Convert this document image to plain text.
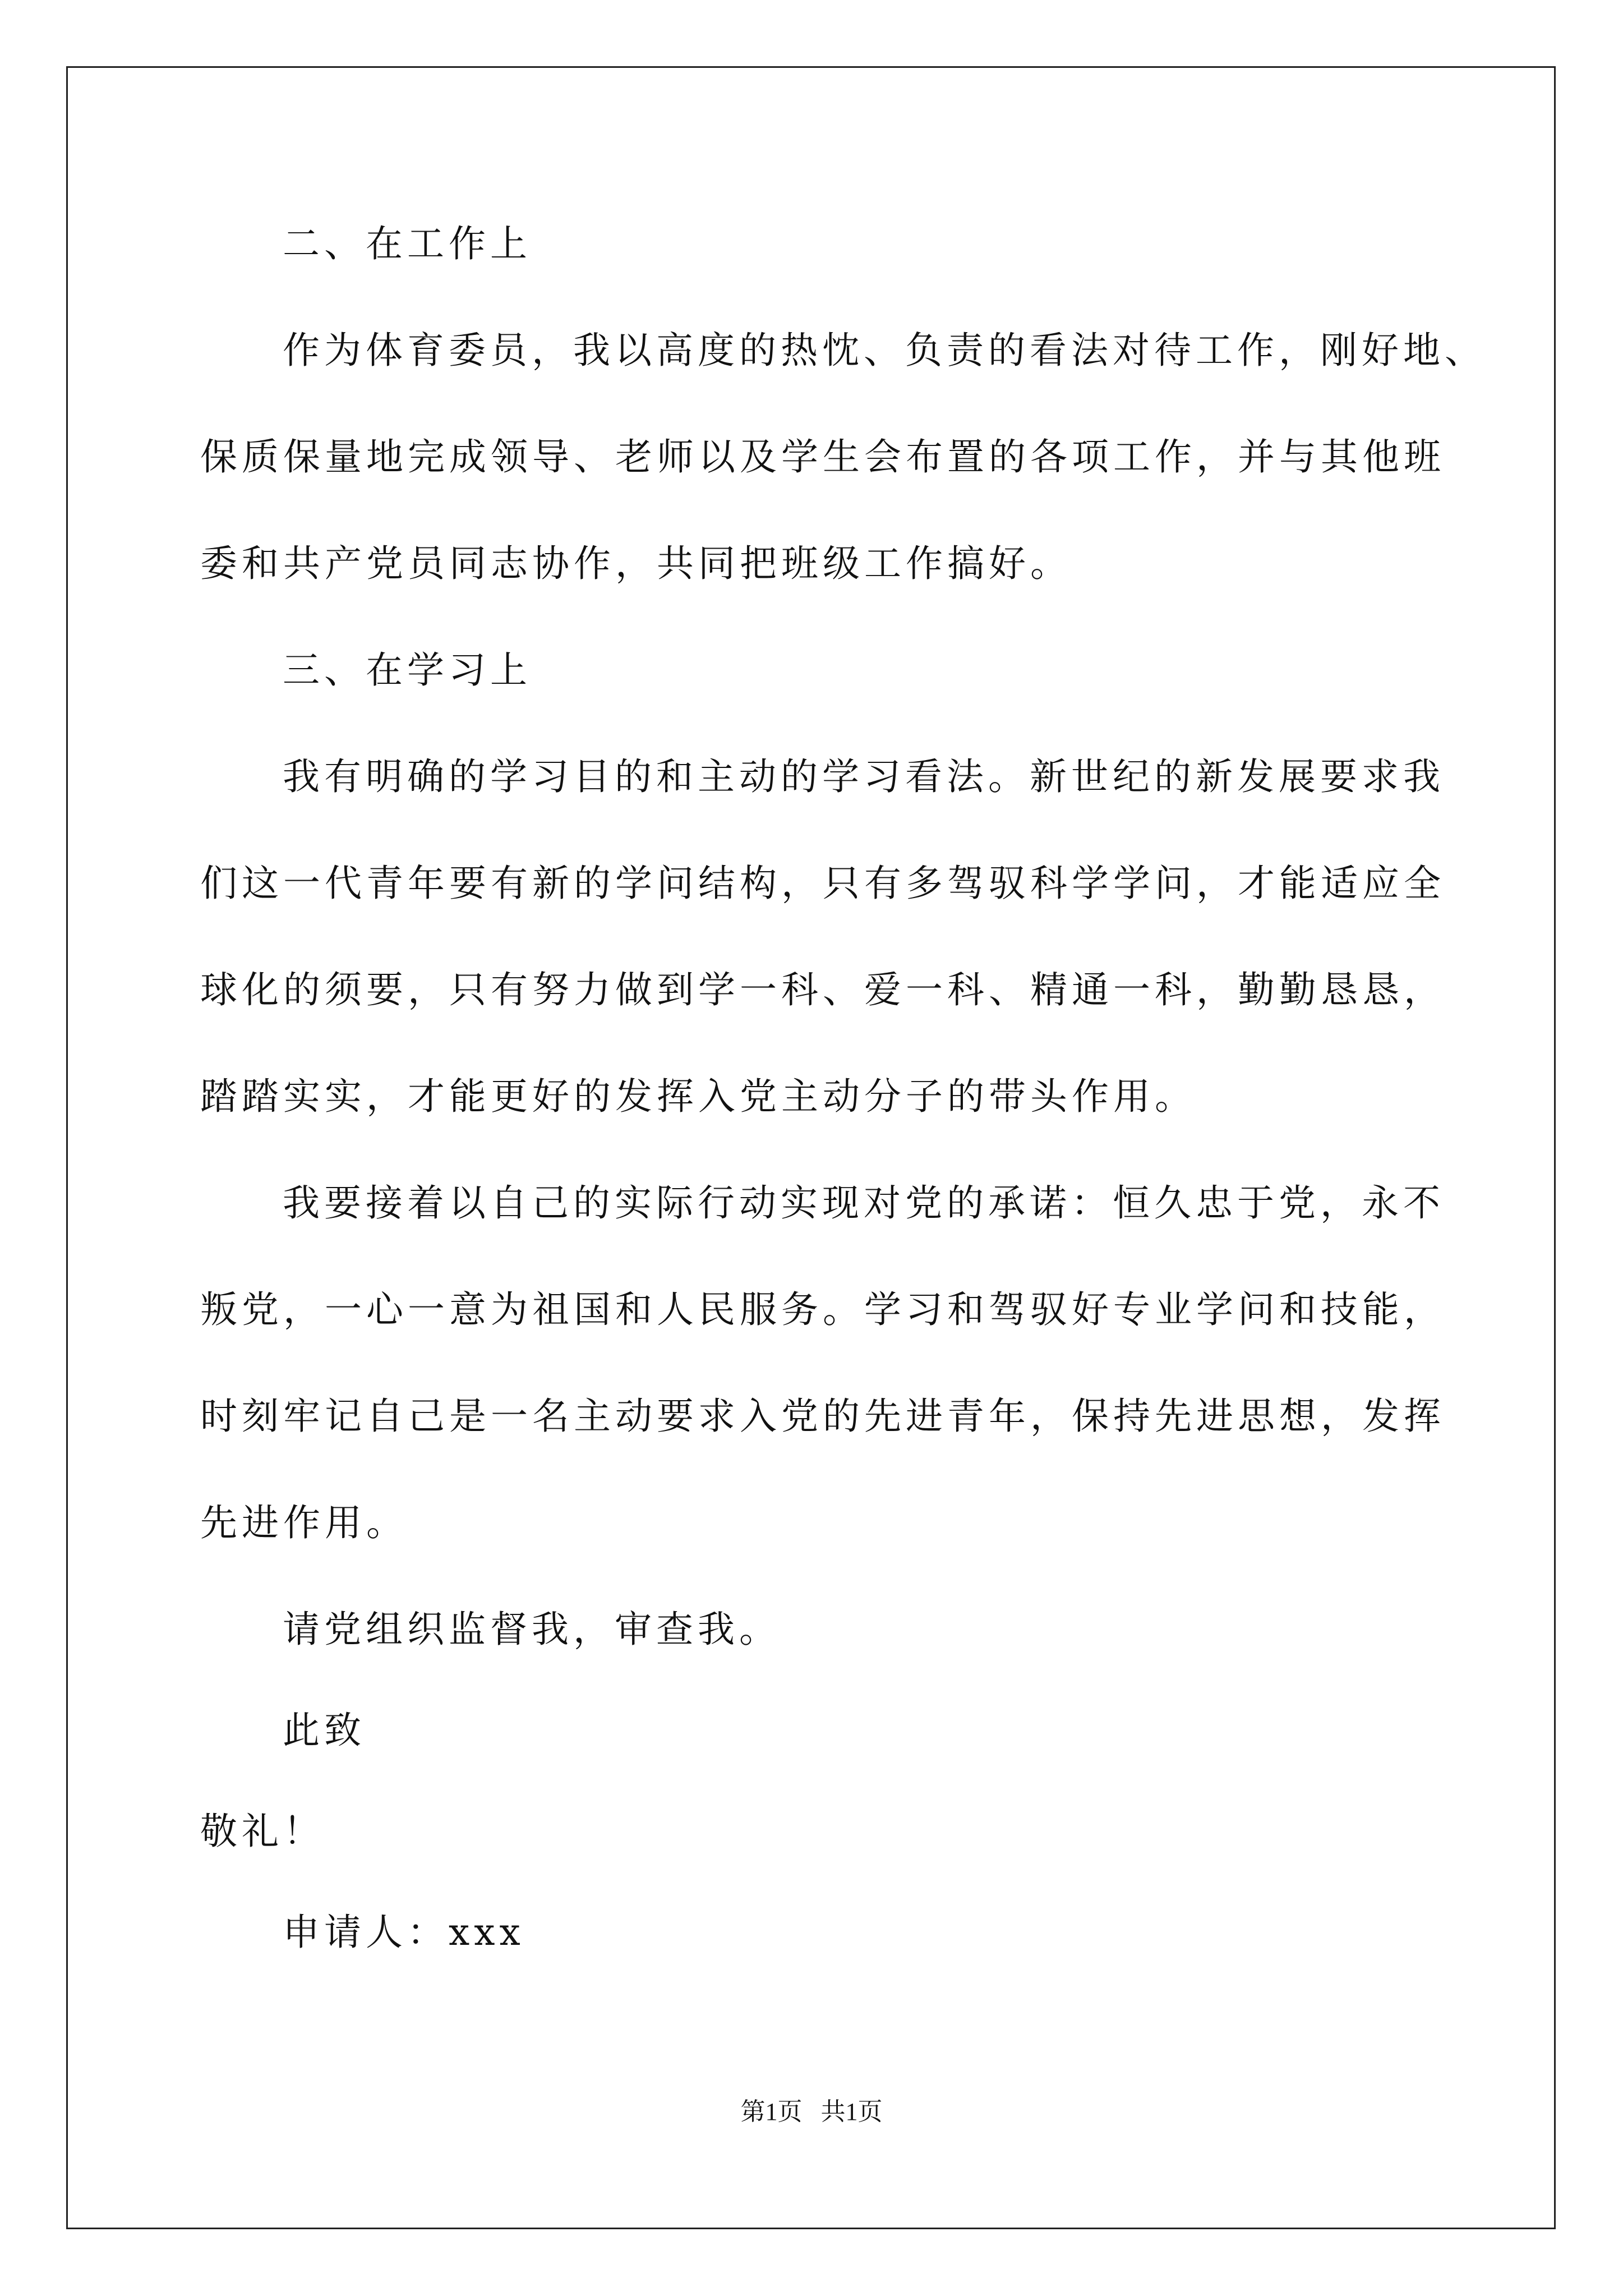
二、在工作上
作为体育委员，我以高度的热忱、负责的看法对待工作，刚好地、
保质保量地完成领导、老师以及学生会布置的各项工作，并与其他班
委和共产党员同志协作，共同把班级工作搞好。
三、在学习上
我有明确的学习目的和主动的学习看法。新世纪的新发展要求我
们这一代青年要有新的学问结构，只有多驾驭科学学问，才能适应全
球化的须要，只有努力做到学一科、爱一科、精通一科，勤勤恳恳，
踏踏实实，才能更好的发挥入党主动分子的带头作用。
我要接着以自己的实际行动实现对党的承诺：恒久忠于党，永不
叛党，一心一意为祖国和人民服务。学习和驾驭好专业学问和技能，
时刻牢记自己是一名主动要求入党的先进青年，保持先进思想，发挥
先进作用。
请党组织监督我，审查我。
此致
敬礼！
申请人：xxx
第1页   共1页
